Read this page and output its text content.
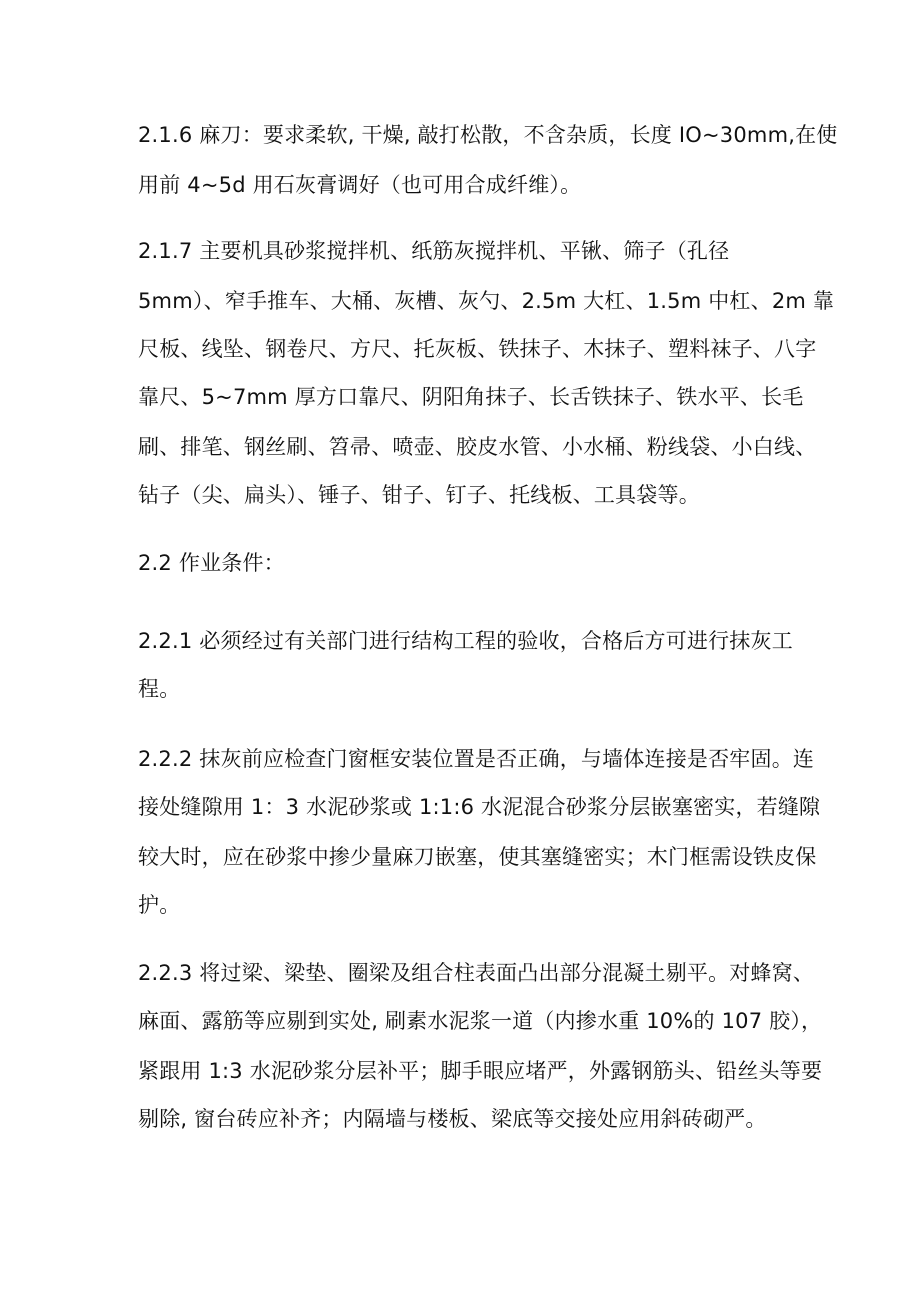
2.1.6 麻刀：要求柔软, 干燥, 敲打松散，不含杂质，长度 IO~30mm,在使
用前 4~5d 用石灰膏调好（也可用合成纤维）。
2.1.7 主要机具砂浆搅拌机、纸筋灰搅拌机、平锹、筛子（孔径
5mm）、窄手推车、大桶、灰槽、灰勺、2.5m 大杠、1.5m 中杠、2m 靠
尺板、线坠、钢卷尺、方尺、托灰板、铁抹子、木抹子、塑料袜子、八字
靠尺、5~7mm 厚方口靠尺、阴阳角抹子、长舌铁抹子、铁水平、长毛
刷、排笔、钢丝刷、笤帚、喷壶、胶皮水管、小水桶、粉线袋、小白线、
钻子（尖、扁头）、锤子、钳子、钉子、托线板、工具袋等。
2.2 作业条件：
2.2.1 必须经过有关部门进行结构工程的验收，合格后方可进行抹灰工
程。
2.2.2 抹灰前应检查门窗框安装位置是否正确，与墙体连接是否牢固。连
接处缝隙用 1：3 水泥砂浆或 1:1:6 水泥混合砂浆分层嵌塞密实，若缝隙
较大时，应在砂浆中掺少量麻刀嵌塞，使其塞缝密实；木门框需设铁皮保
护。
2.2.3 将过梁、梁垫、圈梁及组合柱表面凸出部分混凝土剔平。对蜂窝、
麻面、露筋等应剔到实处, 刷素水泥浆一道（内掺水重 10%的 107 胶），
紧跟用 1:3 水泥砂浆分层补平；脚手眼应堵严，外露钢筋头、铅丝头等要
剔除, 窗台砖应补齐；内隔墙与楼板、梁底等交接处应用斜砖砌严。
